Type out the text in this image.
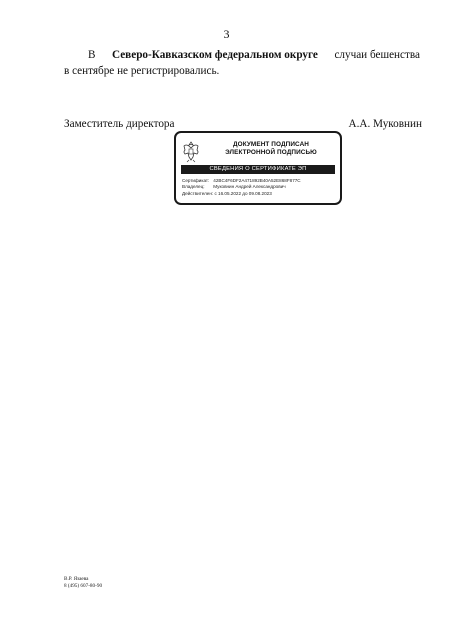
3
В Северо-Кавказском федеральном округе случаи бешенства
в сентябре не регистрировались.
Заместитель директора	А.А. Муковнин
ДОКУМЕНТ ПОДПИСАН
ЭЛЕКТРОННОЙ ПОДПИСЬЮ
СВЕДЕНИЯ О СЕРТИФИКАТЕ ЭП
Сертификат: 42BC4F6DF2A471892B40A52E868F877C
Владелец: Муковнин Андрей Александрович
Действителен: с 16.05.2022 до 09.08.2023
В.Р. Язаева
8 (495) 607-80-90
